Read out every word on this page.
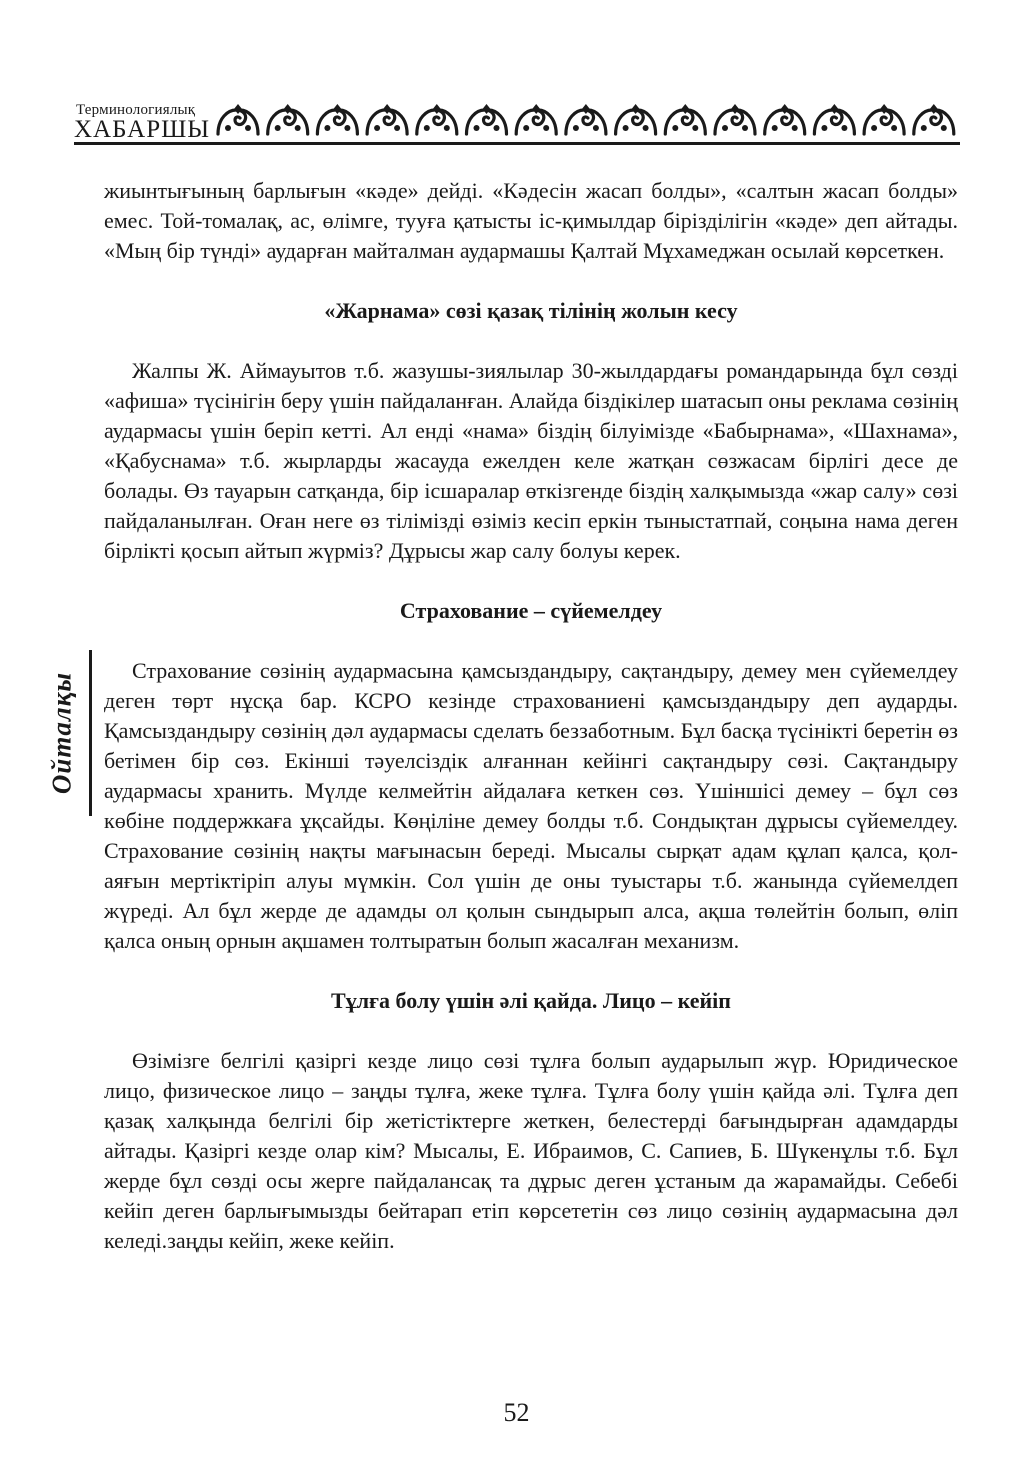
Терминологиялық
ХАБАРШЫ
Ойталқы

жиынтығының барлығын «кәде» дейді. «Кәдесін жасап болды», «салтын жасап болды» емес. Той-томалақ, ас, өлімге, тууға қатысты іс-қимылдар біріздiлiгiн «кәде» деп айтады. «Мың бір түнді» аударған майталман аудармашы Қалтай Мұхамеджан осылай көрсеткен.

«Жарнама» сөзі қазақ тілінің жолын кесу

Жалпы Ж. Аймауытов т.б. жазушы-зиялылар 30-жылдардағы романдарында бұл сөзді «афиша» түсінігін беру үшін пайдаланған. Алайда біздікілер шатасып оны реклама сөзінің аудармасы үшін беріп кетті. Ал енді «нама» біздің білуімізде «Бабырнама», «Шахнама», «Қабуснама» т.б. жырларды жасауда ежелден келе жатқан сөзжасам бірлігі десе де болады. Өз тауарын сатқанда, бір ісшаралар өткізгенде біздің халқымызда «жар салу» сөзі пайдаланылған. Оған неге өз тілімізді өзіміз кесіп еркін тыныстатпай, соңына нама деген бірлікті қосып айтып жүрміз? Дұрысы жар салу болуы керек.

Страхование – сүйемелдеу

Страхование сөзінің аудармасына қамсыздандыру, сақтандыру, демеу мен сүйемелдеу деген төрт нұсқа бар. КСРО кезінде страхованиені қамсыздандыру деп аударды. Қамсыздандыру сөзінің дәл аудармасы сделать беззаботным. Бұл басқа түсінікті беретін өз бетімен бір сөз. Екінші тәуелсіздік алғаннан кейінгі сақтандыру сөзі. Сақтандыру аудармасы хранить. Мүлде келмейтін айдалаға кеткен сөз. Үшіншісі демеу – бұл сөз көбіне поддержкаға ұқсайды. Көңіліне демеу болды т.б. Сондықтан дұрысы сүйемелдеу. Страхование сөзінің нақты мағынасын береді. Мысалы сырқат адам құлап қалса, қол-аяғын мертіктіріп алуы мүмкін. Сол үшін де оны туыстары т.б. жанында сүйемелдеп жүреді. Ал бұл жерде де адамды ол қолын сындырып алса, ақша төлейтін болып, өліп қалса оның орнын ақшамен толтыратын болып жасалған механизм.

Тұлға болу үшін әлі қайда. Лицо – кейіп

Өзімізге белгілі қазіргі кезде лицо сөзі тұлға болып аударылып жүр. Юридическое лицо, физическое лицо – заңды тұлға, жеке тұлға. Тұлға болу үшін қайда әлі. Тұлға деп қазақ халқында белгілі бір жетістіктерге жеткен, белестерді бағындырған адамдарды айтады. Қазіргі кезде олар кім? Мысалы, Е. Ибраимов, С. Сапиев, Б. Шүкенұлы т.б. Бұл жерде бұл сөзді осы жерге пайдалансақ та дұрыс деген ұстаным да жарамайды. Себебі кейіп деген барлығымызды бейтарап етіп көрсететін сөз лицо сөзінің аудармасына дәл келеді.заңды кейіп, жеке кейіп.

52
